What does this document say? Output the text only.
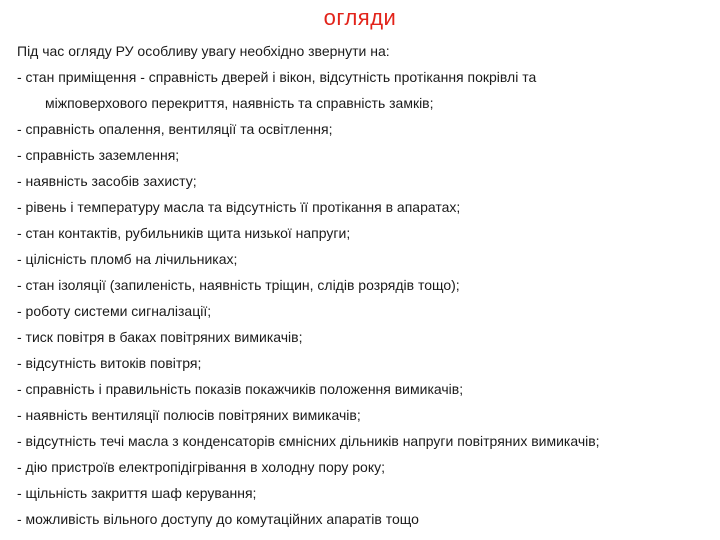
огляди
Під час огляду РУ особливу увагу необхідно звернути на:
- стан приміщення - справність дверей і вікон, відсутність протікання покрівлі та
міжповерхового перекриття, наявність та справність замків;
- справність опалення, вентиляції та освітлення;
- справність заземлення;
- наявність засобів захисту;
- рівень і температуру масла та відсутність її протікання в апаратах;
- стан контактів, рубильників щита низької напруги;
- цілісність пломб на лічильниках;
- стан ізоляції (запиленість, наявність тріщин, слідів розрядів тощо);
- роботу системи сигналізації;
- тиск повітря в баках повітряних вимикачів;
- відсутність витоків повітря;
- справність і правильність показів покажчиків положення вимикачів;
- наявність вентиляції полюсів повітряних вимикачів;
- відсутність течі масла з конденсаторів ємнісних дільників напруги повітряних вимикачів;
- дію пристроїв електропідігрівання в холодну пору року;
- щільність закриття шаф керування;
- можливість вільного доступу до комутаційних апаратів тощо
